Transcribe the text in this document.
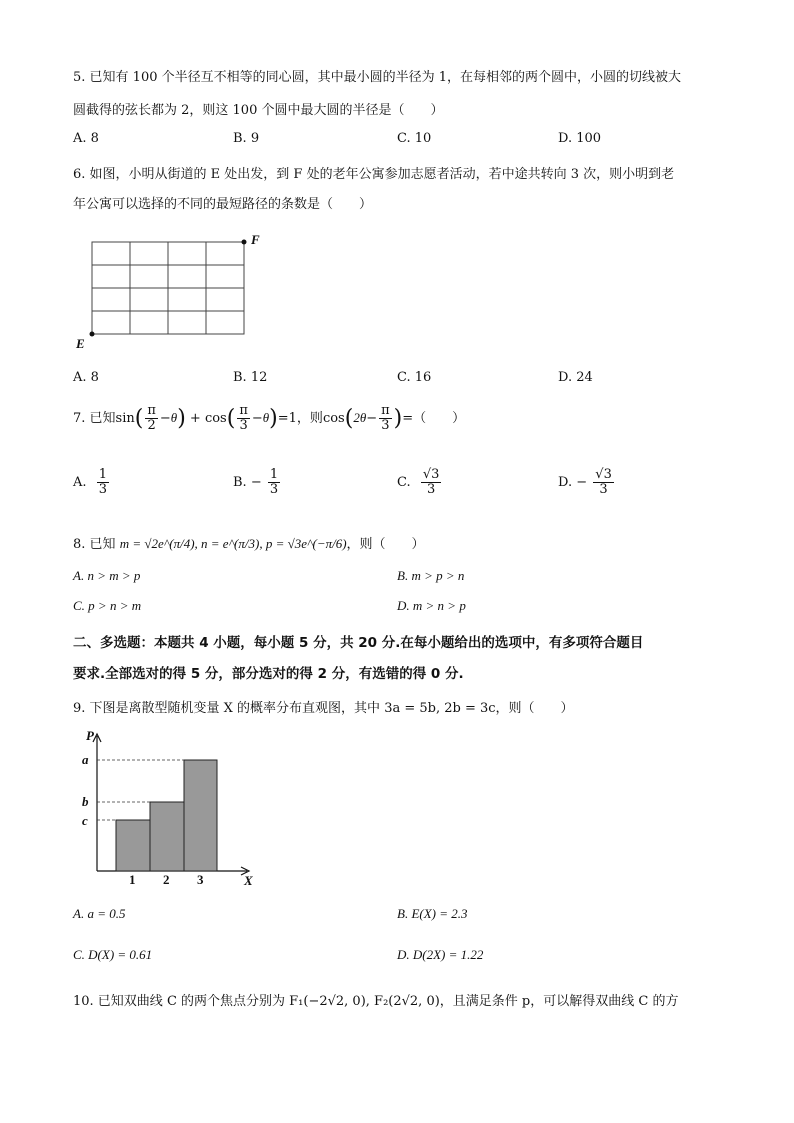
5. 已知有 100 个半径互不相等的同心圆，其中最小圆的半径为 1，在每相邻的两个圆中，小圆的切线被大
圆截得的弦长都为 2，则这 100 个圆中最大圆的半径是（　　）
A. 8	B. 9	C. 10	D. 100
6. 如图，小明从街道的 E 处出发，到 F 处的老年公寓参加志愿者活动，若中途共转向 3 次，则小明到老
年公寓可以选择的不同的最短路径的条数是（　　）
F
E
A. 8	B. 12	C. 16	D. 24
7. 已知$\sin( \frac{\pi}{2} -\theta) + \cos( \frac{\pi}{3} -\theta)=1$，则$\cos(2\theta- \frac{\pi}{3}$ )=（　　）
A. $\frac{1}{3}$	B. − $\frac{1}{3}$	C. $\frac{√3}{3}$	D. − $\frac{√3}{3}$
8. 已知 m = √2e^(π/4), n = e^(π/3), p = √3e^(−π/6)，则（　　）
A. n > m > p	B. m > p > n
C. p > n > m	D. m > n > p
二、多选题：本题共 4 小题，每小题 5 分，共 20 分.在每小题给出的选项中，有多项符合题目
要求.全部选对的得 5 分，部分选对的得 2 分，有选错的得 0 分.
9. 下图是离散型随机变量 X 的概率分布直观图，其中 3a = 5b, 2b = 3c，则（　　）
P
X
a
b
c
1 2 3
A. a = 0.5	B. E(X) = 2.3
C. D(X) = 0.61	D. D(2X) = 1.22
10. 已知双曲线 C 的两个焦点分别为 F₁(−2√2, 0), F₂(2√2, 0)，且满足条件 p，可以解得双曲线 C 的方
